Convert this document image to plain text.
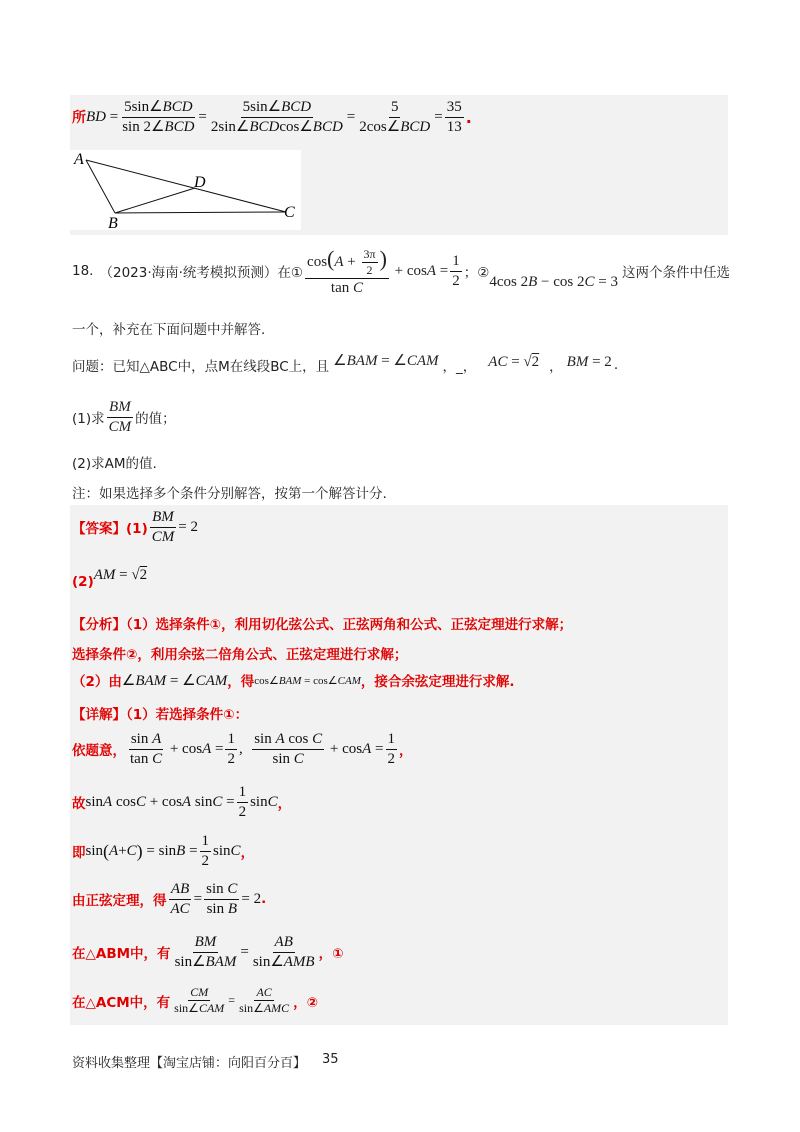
所 BD = $\frac{\text{5sin∠BCD}}{\text{sin 2∠BCD}} = \frac{\text{5sin∠BCD}}{\text{2sin∠BCDcos∠BCD}} = \frac{5}{\text{2cos∠BCD}} = \frac{35}{13}$ .
A
B
C
D
18. （2023·海南·统考模拟预测） 在① $\frac{\cos(A + \frac{3\pi}{2} )}{\text{tan C}} + \cos A = \frac{1}{2}$ ；②
4cos 2B − cos 2C = 3
这两个条件中任选
一个，补充在下面问题中并解答.
问题：已知△ABC中，点M在线段BC上，且 ∠BAM = ∠CAM ，_， AC = √2 ， BM = 2 .
(1)求 $\frac{BM}{CM}$ 的值；
(2)求AM的值.
注：如果选择多个条件分别解答，按第一个解答计分.
【答案】$(1) \frac{BM}{CM} = 2$
(2) AM = √2
【分析】（1）选择条件①，利用切化弦公式、正弦两角和公式、正弦定理进行求解；
选择条件②，利用余弦二倍角公式、正弦定理进行求解；
（2）由 ∠BAM = ∠CAM ，得 cos∠BAM = cos∠CAM ，接合余弦定理进行求解.
【详解】（1）若选择条件①：
依题意， $\frac{\text{sin A}}{\text{tan C}} + \cos A = \frac{1}{2}$ , $\frac{\text{sin A cos C}}{\text{sin C}} + \cos A = \frac{1}{2}$ ，
故 sin A cos C + cos A $\sin C = \frac{1}{2}$ sin C ，
即 sin ( A + C ) = $\sin B = \frac{1}{2}$ sin C ，
由正弦定理，得 $\frac{AB}{AC} = \frac{\text{sin C}}{\text{sin B}} = 2$ .
在△ABM中，有 $\frac{BM}{\text{sin∠BAM}} = \frac{AB}{\text{sin∠AMB}}$ ，①
在△ACM中，有 $\frac{CM}{\text{sin∠CAM}} = \frac{AC}{\text{sin∠AMC}}$ ，②
资料收集整理【淘宝店铺：向阳百分百】 35
